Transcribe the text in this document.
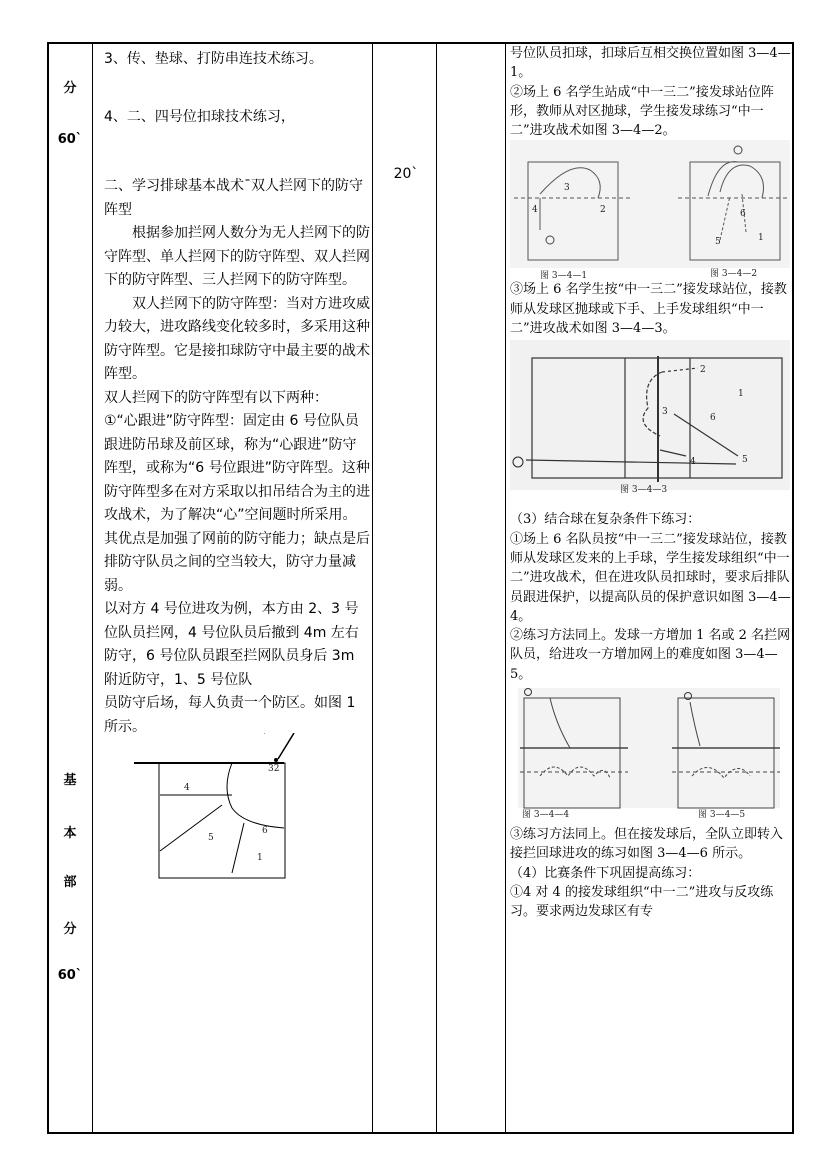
分
60`
基
本
部
分
60`

3、传、垫球、打防串连技术练习。

4、二、四号位扣球技术练习，

二、学习排球基本战术¯双人拦网下的防守阵型

根据参加拦网人数分为无人拦网下的防守阵型、单人拦网下的防守阵型、双人拦网下的防守阵型、三人拦网下的防守阵型。

双人拦网下的防守阵型：当对方进攻威力较大，进攻路线变化较多时，多采用这种防守阵型。它是接扣球防守中最主要的战术阵型。

双人拦网下的防守阵型有以下两种：

①“心跟进”防守阵型：固定由 6 号位队员跟进防吊球及前区球，称为“心跟进”防守阵型，或称为“6 号位跟进”防守阵型。这种防守阵型多在对方采取以扣吊结合为主的进攻战术，为了解决“心”空间题时所采用。其优点是加强了网前的防守能力；缺点是后排防守队员之间的空当较大，防守力量减弱。

以对方 4 号位进攻为例，本方由 2、3 号位队员拦网，4 号位队员后撤到 4m 左右防守，6 号位队员跟至拦网队员身后 3m 附近防守，1、5 号位队

员防守后场，每人负责一个防区。如图 1 所示。

32
4
6
5
1
20`

号位队员扣球，扣球后互相交换位置如图 3—4—1。

②场上 6 名学生站成“中一三二”接发球站位阵形，教师从对区抛球，学生接发球练习“中一二”进攻战术如图 3—4—2。

3
4	2	6
5	1
图 3—4—1	图 3—4—2

③场上 6 名学生按“中一三二”接发球站位，接教师从发球区抛球或下手、上手发球组织“中一二”进攻战术如图 3—4—3。

2
1
3
6
4	5
图 3—4—3

（3）结合球在复杂条件下练习：

①场上 6 名队员按“中一三二”接发球站位，接教师从发球区发来的上手球，学生接发球组织“中一二”进攻战术，但在进攻队员扣球时，要求后排队员跟进保护，以提高队员的保护意识如图 3—4—4。

②练习方法同上。发球一方增加 1 名或 2 名拦网队员，给进攻一方增加网上的难度如图 3—4—5。

图 3—4—4	图 3—4—5

③练习方法同上。但在接发球后，全队立即转入接拦回球进攻的练习如图 3—4—6 所示。

（4）比赛条件下巩固提高练习：

①4 对 4 的接发球组织“中一二”进攻与反攻练习。要求两边发球区有专
